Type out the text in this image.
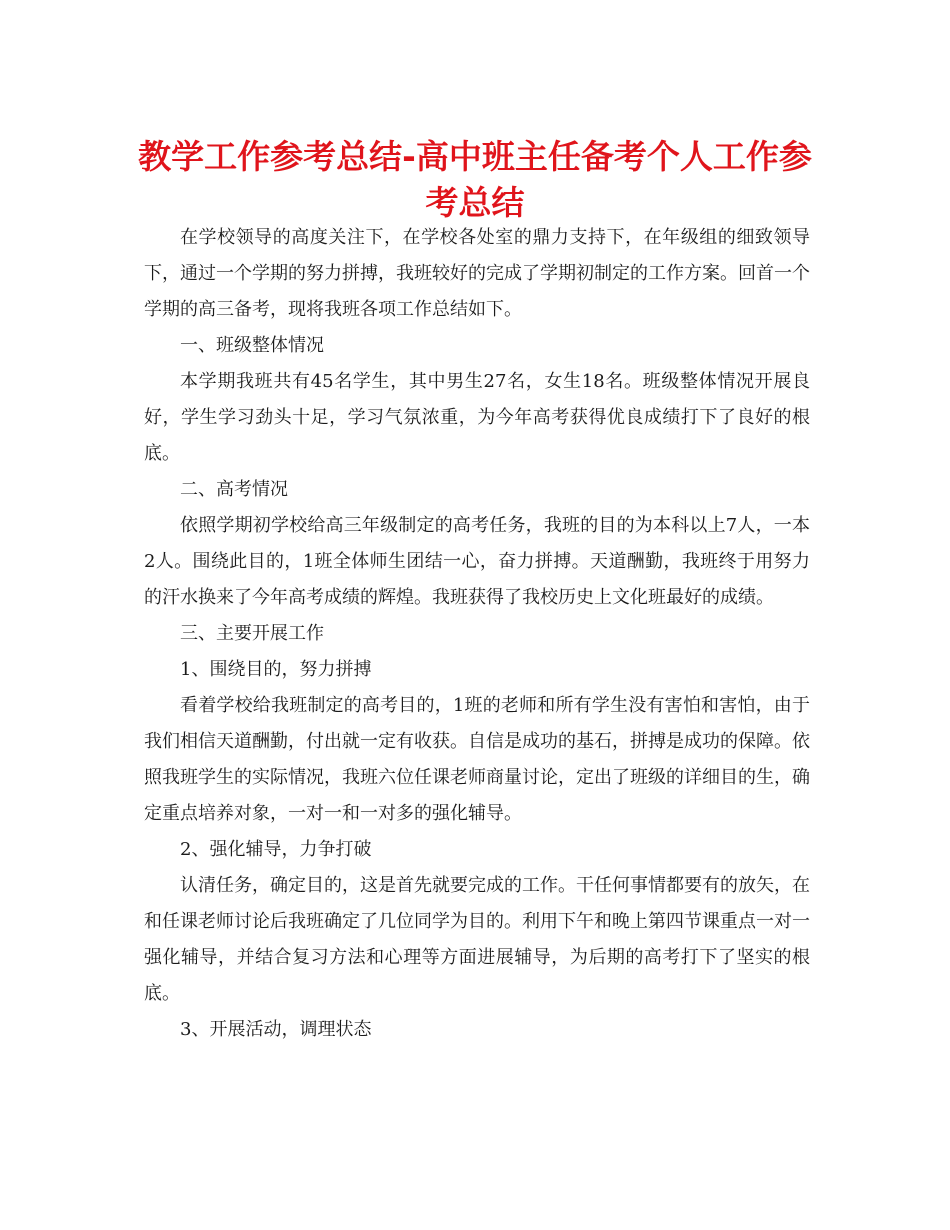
教学工作参考总结-高中班主任备考个人工作参考总结

在学校领导的高度关注下，在学校各处室的鼎力支持下，在年级组的细致领导下，通过一个学期的努力拼搏，我班较好的完成了学期初制定的工作方案。回首一个学期的高三备考，现将我班各项工作总结如下。

一、班级整体情况

本学期我班共有45名学生，其中男生27名，女生18名。班级整体情况开展良好，学生学习劲头十足，学习气氛浓重，为今年高考获得优良成绩打下了良好的根底。

二、高考情况

依照学期初学校给高三年级制定的高考任务，我班的目的为本科以上7人，一本2人。围绕此目的，1班全体师生团结一心，奋力拼搏。天道酬勤，我班终于用努力的汗水换来了今年高考成绩的辉煌。我班获得了我校历史上文化班最好的成绩。

三、主要开展工作

1、围绕目的，努力拼搏

看着学校给我班制定的高考目的，1班的老师和所有学生没有害怕和害怕，由于我们相信天道酬勤，付出就一定有收获。自信是成功的基石，拼搏是成功的保障。依照我班学生的实际情况，我班六位任课老师商量讨论，定出了班级的详细目的生，确定重点培养对象，一对一和一对多的强化辅导。

2、强化辅导，力争打破

认清任务，确定目的，这是首先就要完成的工作。干任何事情都要有的放矢，在和任课老师讨论后我班确定了几位同学为目的。利用下午和晚上第四节课重点一对一强化辅导，并结合复习方法和心理等方面进展辅导，为后期的高考打下了坚实的根底。

3、开展活动，调理状态
